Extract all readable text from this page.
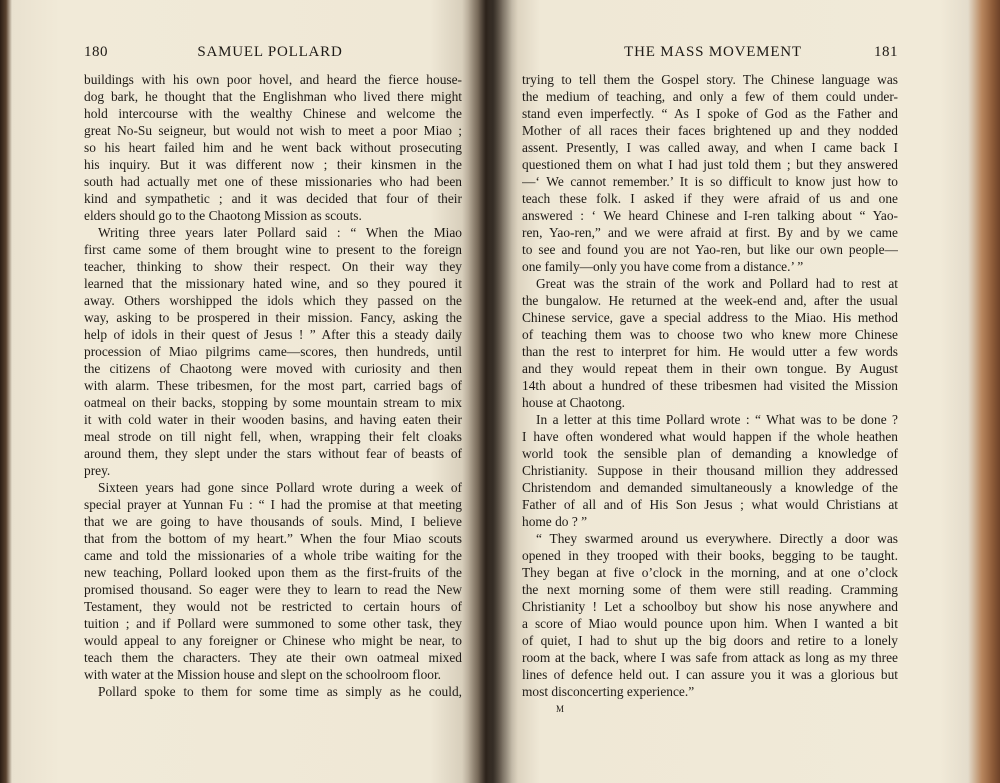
180	SAMUEL POLLARD
buildings with his own poor hovel, and heard the fierce house-
dog bark, he thought that the Englishman who lived there might
hold intercourse with the wealthy Chinese and welcome the
great No-Su seigneur, but would not wish to meet a poor Miao ;
so his heart failed him and he went back without prosecuting
his inquiry. But it was different now ; their kinsmen in the
south had actually met one of these missionaries who had been
kind and sympathetic ; and it was decided that four of their
elders should go to the Chaotong Mission as scouts.
Writing three years later Pollard said : “ When the Miao
first came some of them brought wine to present to the foreign
teacher, thinking to show their respect. On their way they
learned that the missionary hated wine, and so they poured it
away. Others worshipped the idols which they passed on the
way, asking to be prospered in their mission. Fancy, asking the
help of idols in their quest of Jesus ! ” After this a steady daily
procession of Miao pilgrims came—scores, then hundreds, until
the citizens of Chaotong were moved with curiosity and then
with alarm. These tribesmen, for the most part, carried bags of
oatmeal on their backs, stopping by some mountain stream to mix
it with cold water in their wooden basins, and having eaten their
meal strode on till night fell, when, wrapping their felt cloaks
around them, they slept under the stars without fear of beasts of
prey.
Sixteen years had gone since Pollard wrote during a week of
special prayer at Yunnan Fu : “ I had the promise at that meeting
that we are going to have thousands of souls. Mind, I believe
that from the bottom of my heart.” When the four Miao scouts
came and told the missionaries of a whole tribe waiting for the
new teaching, Pollard looked upon them as the first-fruits of the
promised thousand. So eager were they to learn to read the New
Testament, they would not be restricted to certain hours of
tuition ; and if Pollard were summoned to some other task, they
would appeal to any foreigner or Chinese who might be near, to
teach them the characters. They ate their own oatmeal mixed
with water at the Mission house and slept on the schoolroom floor.
Pollard spoke to them for some time as simply as he could,
THE MASS MOVEMENT	181
trying to tell them the Gospel story. The Chinese language was
the medium of teaching, and only a few of them could under-
stand even imperfectly. “ As I spoke of God as the Father and
Mother of all races their faces brightened up and they nodded
assent. Presently, I was called away, and when I came back I
questioned them on what I had just told them ; but they answered
—‘ We cannot remember.’ It is so difficult to know just how to
teach these folk. I asked if they were afraid of us and one
answered : ‘ We heard Chinese and I-ren talking about “ Yao-
ren, Yao-ren,” and we were afraid at first. By and by we came
to see and found you are not Yao-ren, but like our own people—
one family—only you have come from a distance.’ ”
Great was the strain of the work and Pollard had to rest at
the bungalow. He returned at the week-end and, after the usual
Chinese service, gave a special address to the Miao. His method
of teaching them was to choose two who knew more Chinese
than the rest to interpret for him. He would utter a few words
and they would repeat them in their own tongue. By August
14th about a hundred of these tribesmen had visited the Mission
house at Chaotong.
In a letter at this time Pollard wrote : “ What was to be done ?
I have often wondered what would happen if the whole heathen
world took the sensible plan of demanding a knowledge of
Christianity. Suppose in their thousand million they addressed
Christendom and demanded simultaneously a knowledge of the
Father of all and of His Son Jesus ; what would Christians at
home do ? ”
“ They swarmed around us everywhere. Directly a door was
opened in they trooped with their books, begging to be taught.
They began at five o’clock in the morning, and at one o’clock
the next morning some of them were still reading. Cramming
Christianity ! Let a schoolboy but show his nose anywhere and
a score of Miao would pounce upon him. When I wanted a bit
of quiet, I had to shut up the big doors and retire to a lonely
room at the back, where I was safe from attack as long as my three
lines of defence held out. I can assure you it was a glorious but
most disconcerting experience.”
M
